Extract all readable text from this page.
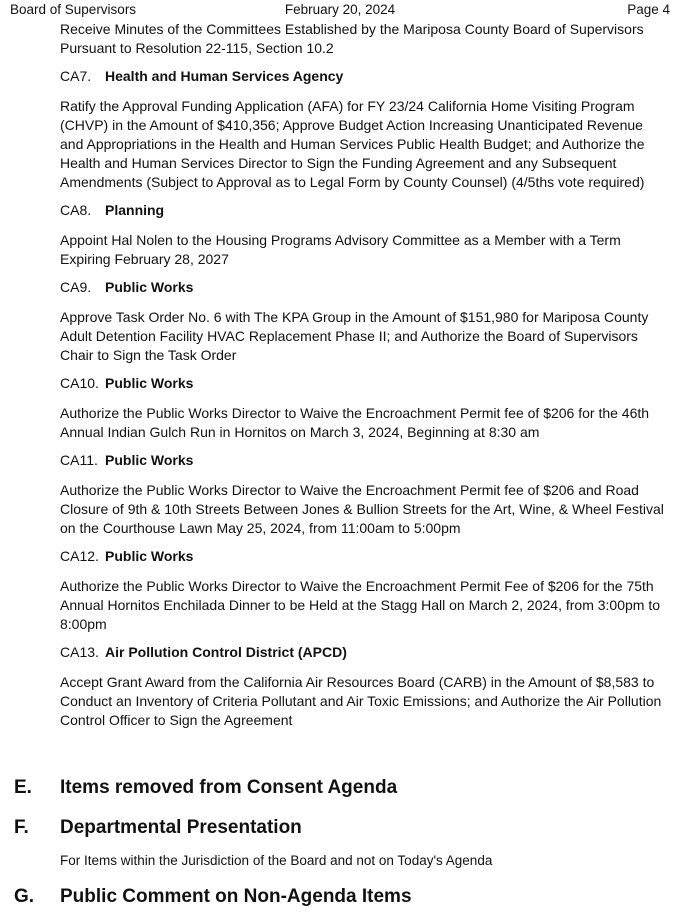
Board of Supervisors	February 20, 2024	Page 4

Receive Minutes of the Committees Established by the Mariposa County Board of Supervisors Pursuant to Resolution 22-115, Section 10.2

CA7. Health and Human Services Agency

Ratify the Approval Funding Application (AFA) for FY 23/24 California Home Visiting Program (CHVP) in the Amount of $410,356; Approve Budget Action Increasing Unanticipated Revenue and Appropriations in the Health and Human Services Public Health Budget; and Authorize the Health and Human Services Director to Sign the Funding Agreement and any Subsequent Amendments (Subject to Approval as to Legal Form by County Counsel) (4/5ths vote required)

CA8. Planning

Appoint Hal Nolen to the Housing Programs Advisory Committee as a Member with a Term Expiring February 28, 2027

CA9. Public Works

Approve Task Order No. 6 with The KPA Group in the Amount of $151,980 for Mariposa County Adult Detention Facility HVAC Replacement Phase II; and Authorize the Board of Supervisors Chair to Sign the Task Order

CA10. Public Works

Authorize the Public Works Director to Waive the Encroachment Permit fee of $206 for the 46th Annual Indian Gulch Run in Hornitos on March 3, 2024, Beginning at 8:30 am

CA11. Public Works

Authorize the Public Works Director to Waive the Encroachment Permit fee of $206 and Road Closure of 9th & 10th Streets Between Jones & Bullion Streets for the Art, Wine, & Wheel Festival on the Courthouse Lawn May 25, 2024, from 11:00am to 5:00pm

CA12. Public Works

Authorize the Public Works Director to Waive the Encroachment Permit Fee of $206 for the 75th Annual Hornitos Enchilada Dinner to be Held at the Stagg Hall on March 2, 2024, from 3:00pm to 8:00pm

CA13. Air Pollution Control District (APCD)

Accept Grant Award from the California Air Resources Board (CARB) in the Amount of $8,583 to Conduct an Inventory of Criteria Pollutant and Air Toxic Emissions; and Authorize the Air Pollution Control Officer to Sign the Agreement

E. Items removed from Consent Agenda
F. Departmental Presentation
For Items within the Jurisdiction of the Board and not on Today's Agenda
G. Public Comment on Non-Agenda Items
